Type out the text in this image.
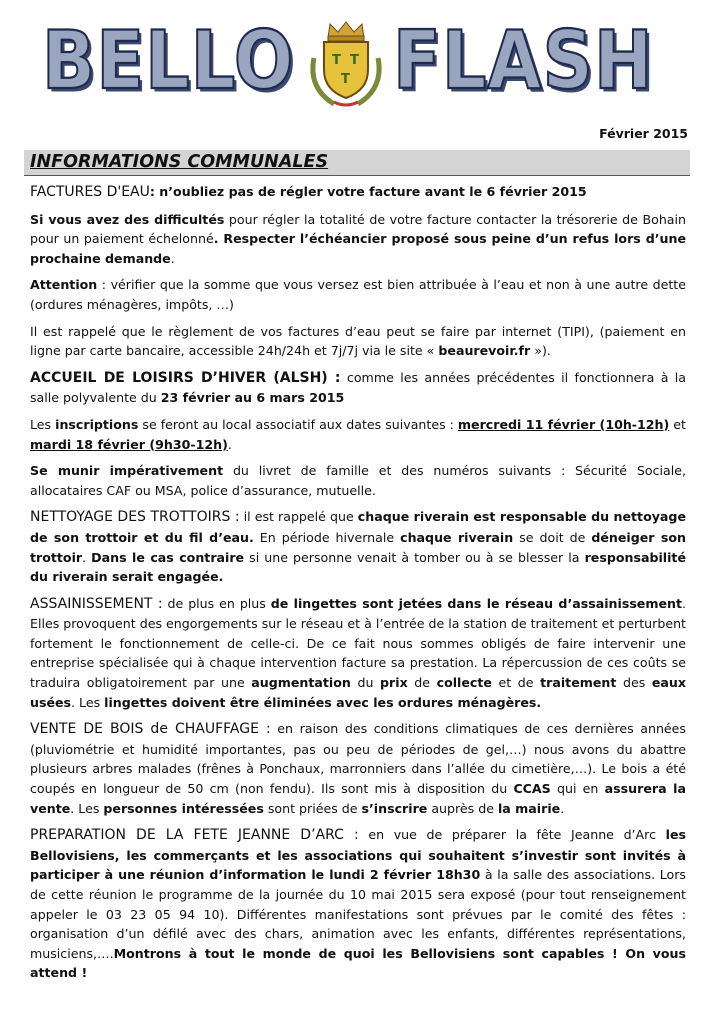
BELLO	T T
T FLASH
Février 2015
INFORMATIONS COMMUNALES

FACTURES D'EAU: n’oubliez pas de régler votre facture avant le 6 février 2015

Si vous avez des difficultés pour régler la totalité de votre facture contacter la trésorerie de Bohain pour un paiement échelonné. Respecter l’échéancier proposé sous peine d’un refus lors d’une prochaine demande.

Attention : vérifier que la somme que vous versez est bien attribuée à l’eau et non à une autre dette (ordures ménagères, impôts, …)

Il est rappelé que le règlement de vos factures d’eau peut se faire par internet (TIPI), (paiement en ligne par carte bancaire, accessible 24h/24h et 7j/7j via le site « beaurevoir.fr »).

ACCUEIL DE LOISIRS D’HIVER (ALSH) : comme les années précédentes il fonctionnera à la salle polyvalente du 23 février au 6 mars 2015

Les inscriptions se feront au local associatif aux dates suivantes : mercredi 11 février (10h-12h) et mardi 18 février (9h30-12h).

Se munir impérativement du livret de famille et des numéros suivants : Sécurité Sociale, allocataires CAF ou MSA, police d’assurance, mutuelle.

NETTOYAGE DES TROTTOIRS : il est rappelé que chaque riverain est responsable du nettoyage de son trottoir et du fil d’eau. En période hivernale chaque riverain se doit de déneiger son trottoir. Dans le cas contraire si une personne venait à tomber ou à se blesser la responsabilité du riverain serait engagée.

ASSAINISSEMENT : de plus en plus de lingettes sont jetées dans le réseau d’assainissement. Elles provoquent des engorgements sur le réseau et à l’entrée de la station de traitement et perturbent fortement le fonctionnement de celle-ci. De ce fait nous sommes obligés de faire intervenir une entreprise spécialisée qui à chaque intervention facture sa prestation. La répercussion de ces coûts se traduira obligatoirement par une augmentation du prix de collecte et de traitement des eaux usées. Les lingettes doivent être éliminées avec les ordures ménagères.

VENTE DE BOIS de CHAUFFAGE : en raison des conditions climatiques de ces dernières années (pluviométrie et humidité importantes, pas ou peu de périodes de gel,…) nous avons du abattre plusieurs arbres malades (frênes à Ponchaux, marronniers dans l’allée du cimetière,…). Le bois a été coupés en longueur de 50 cm (non fendu). Ils sont mis à disposition du CCAS qui en assurera la vente. Les personnes intéressées sont priées de s’inscrire auprès de la mairie.

PREPARATION DE LA FETE JEANNE D’ARC : en vue de préparer la fête Jeanne d’Arc les Bellovisiens, les commerçants et les associations qui souhaitent s’investir sont invités à participer à une réunion d’information le lundi 2 février 18h30 à la salle des associations. Lors de cette réunion le programme de la journée du 10 mai 2015 sera exposé (pour tout renseignement appeler le 03 23 05 94 10). Différentes manifestations sont prévues par le comité des fêtes : organisation d’un défilé avec des chars, animation avec les enfants, différentes représentations, musiciens,….Montrons à tout le monde de quoi les Bellovisiens sont capables ! On vous attend !
